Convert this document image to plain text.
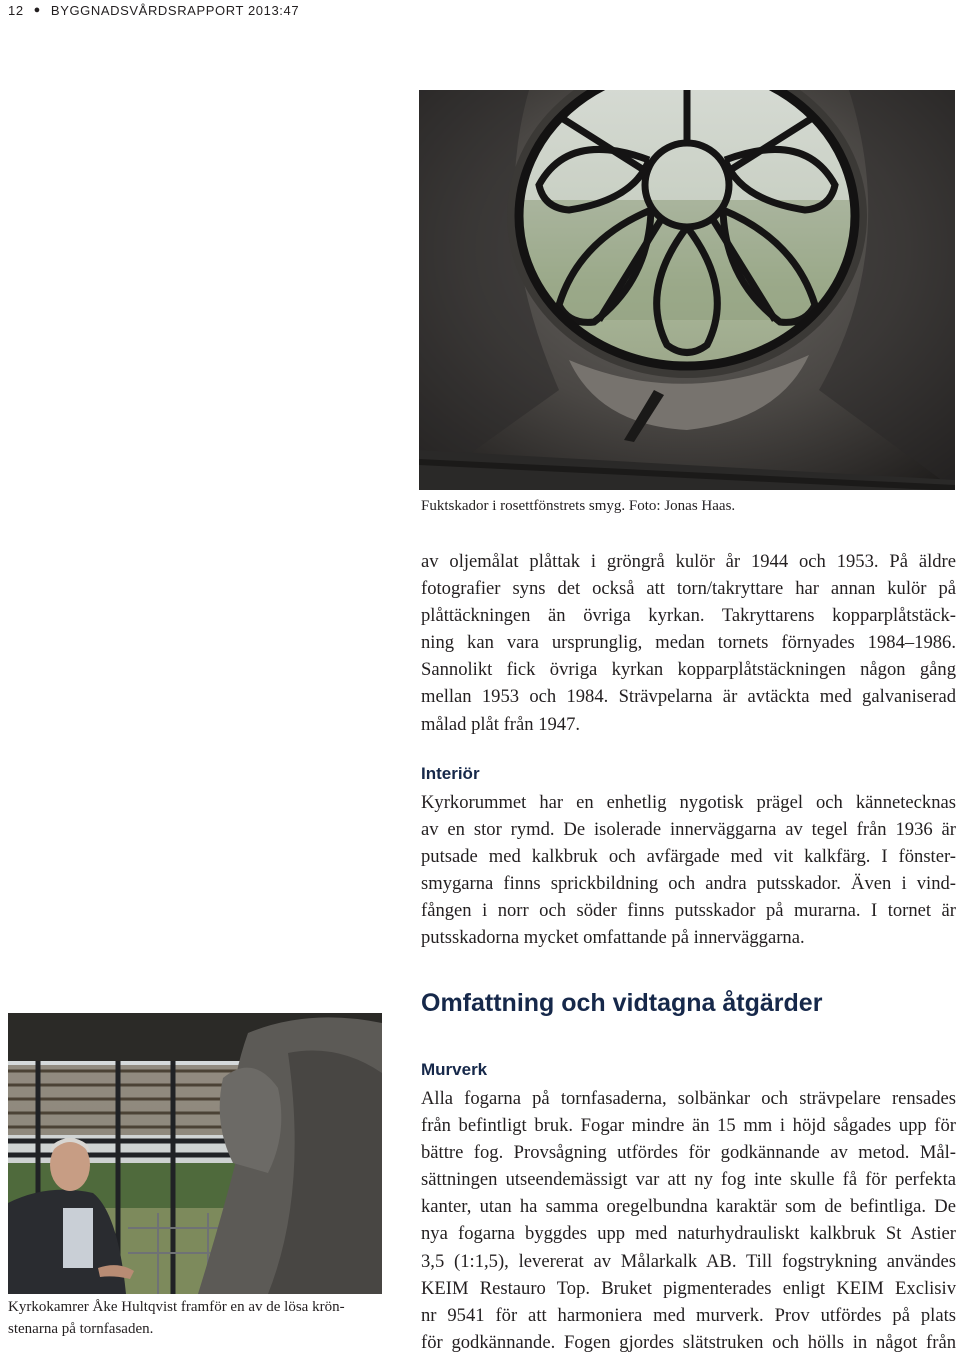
12 ● BYGGNADSVÅRDSRAPPORT 2013:47
Fuktskador i rosettfönstrets smyg. Foto: Jonas Haas.

av oljemålat plåttak i gröngrå kulör år 1944 och 1953. På äldre

fotografier syns det också att torn/takryttare har annan kulör på

plåttäckningen än övriga kyrkan. Takryttarens kopparplåtstäck-

ning kan vara ursprunglig, medan tornets förnyades 1984–1986.

Sannolikt fick övriga kyrkan kopparplåtstäckningen någon gång

mellan 1953 och 1984. Strävpelarna är avtäckta med galvaniserad

målad plåt från 1947.

Interiör

Kyrkorummet har en enhetlig nygotisk prägel och kännetecknas

av en stor rymd. De isolerade innerväggarna av tegel från 1936 är

putsade med kalkbruk och avfärgade med vit kalkfärg. I fönster-

smygarna finns sprickbildning och andra putsskador. Även i vind-

fången i norr och söder finns putsskador på murarna. I tornet är

putsskadorna mycket omfattande på innerväggarna.

Omfattning och vidtagna åtgärder
Murverk

Alla fogarna på tornfasaderna, solbänkar och strävpelare rensades

från befintligt bruk. Fogar mindre än 15 mm i höjd sågades upp för

bättre fog. Provsågning utfördes för godkännande av metod. Mål-

sättningen utseendemässigt var att ny fog inte skulle få för perfekta

kanter, utan ha samma oregelbundna karaktär som de befintliga. De

nya fogarna byggdes upp med naturhydrauliskt kalkbruk St Astier

3,5 (1:1,5), levererat av Målarkalk AB. Till fogstrykning användes

KEIM Restauro Top. Bruket pigmenterades enligt KEIM Exclisiv

nr 9541 för att harmoniera med murverk. Prov utfördes på plats

för godkännande. Fogen gjordes slätstruken och hölls in något från

Kyrkokamrer Åke Hultqvist framför en av de lösa krön-
stenarna på tornfasaden.
